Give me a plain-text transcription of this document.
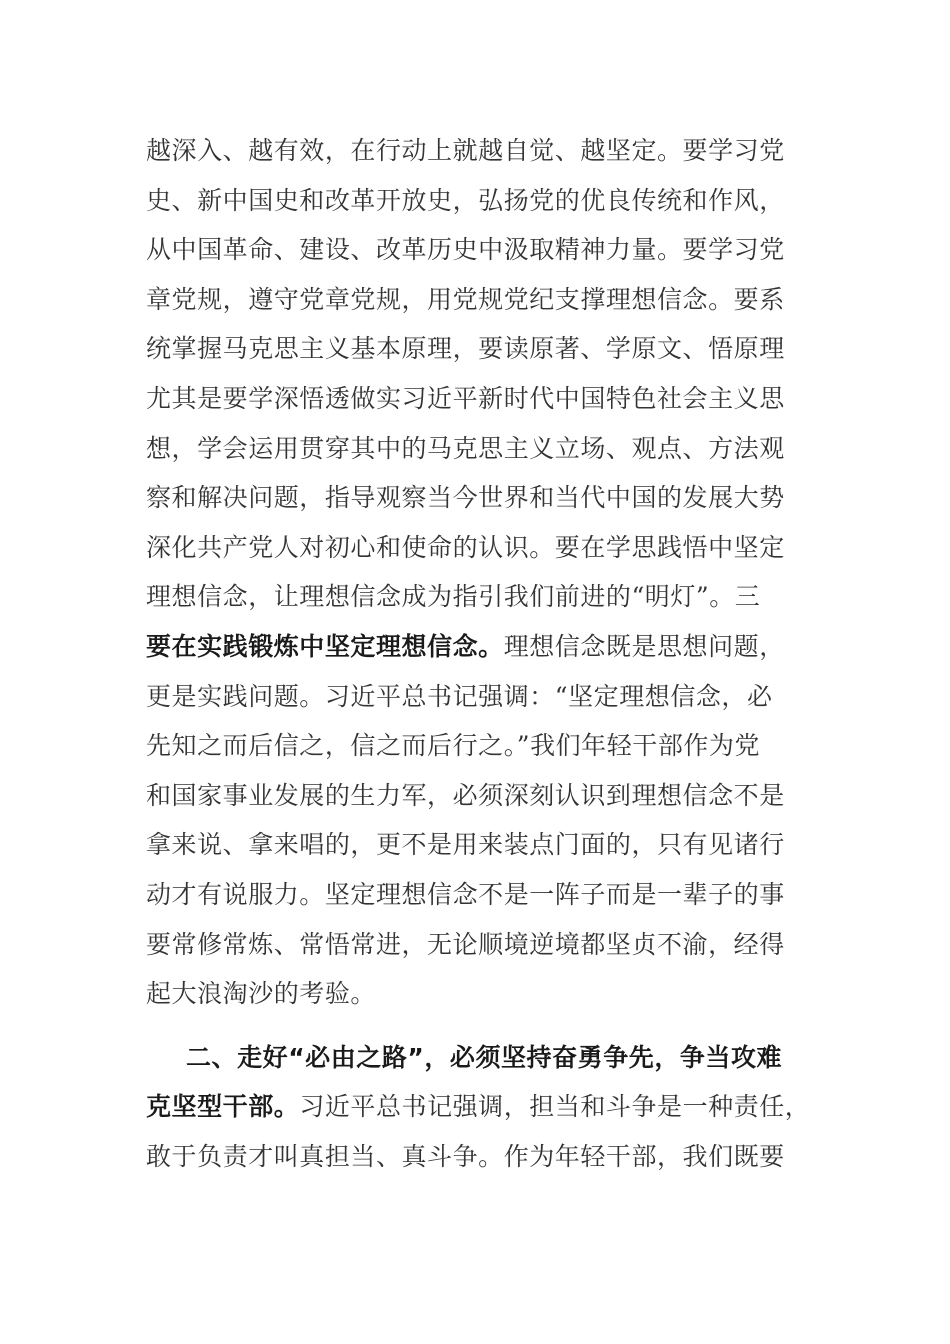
越深入、越有效，在行动上就越自觉、越坚定。要学习党
史、新中国史和改革开放史，弘扬党的优良传统和作风，
从中国革命、建设、改革历史中汲取精神力量。要学习党
章党规，遵守党章党规，用党规党纪支撑理想信念。要系
统掌握马克思主义基本原理，要读原著、学原文、悟原理
尤其是要学深悟透做实习近平新时代中国特色社会主义思
想，学会运用贯穿其中的马克思主义立场、观点、方法观
察和解决问题，指导观察当今世界和当代中国的发展大势
深化共产党人对初心和使命的认识。要在学思践悟中坚定
理想信念，让理想信念成为指引我们前进的“明灯”。三
要在实践锻炼中坚定理想信念。理想信念既是思想问题，
更是实践问题。习近平总书记强调：“坚定理想信念，必
先知之而后信之，信之而后行之。”我们年轻干部作为党
和国家事业发展的生力军，必须深刻认识到理想信念不是
拿来说、拿来唱的，更不是用来装点门面的，只有见诸行
动才有说服力。坚定理想信念不是一阵子而是一辈子的事
要常修常炼、常悟常进，无论顺境逆境都坚贞不渝，经得
起大浪淘沙的考验。
二、走好“必由之路”，必须坚持奋勇争先，争当攻难
克坚型干部。习近平总书记强调，担当和斗争是一种责任，
敢于负责才叫真担当、真斗争。作为年轻干部，我们既要
